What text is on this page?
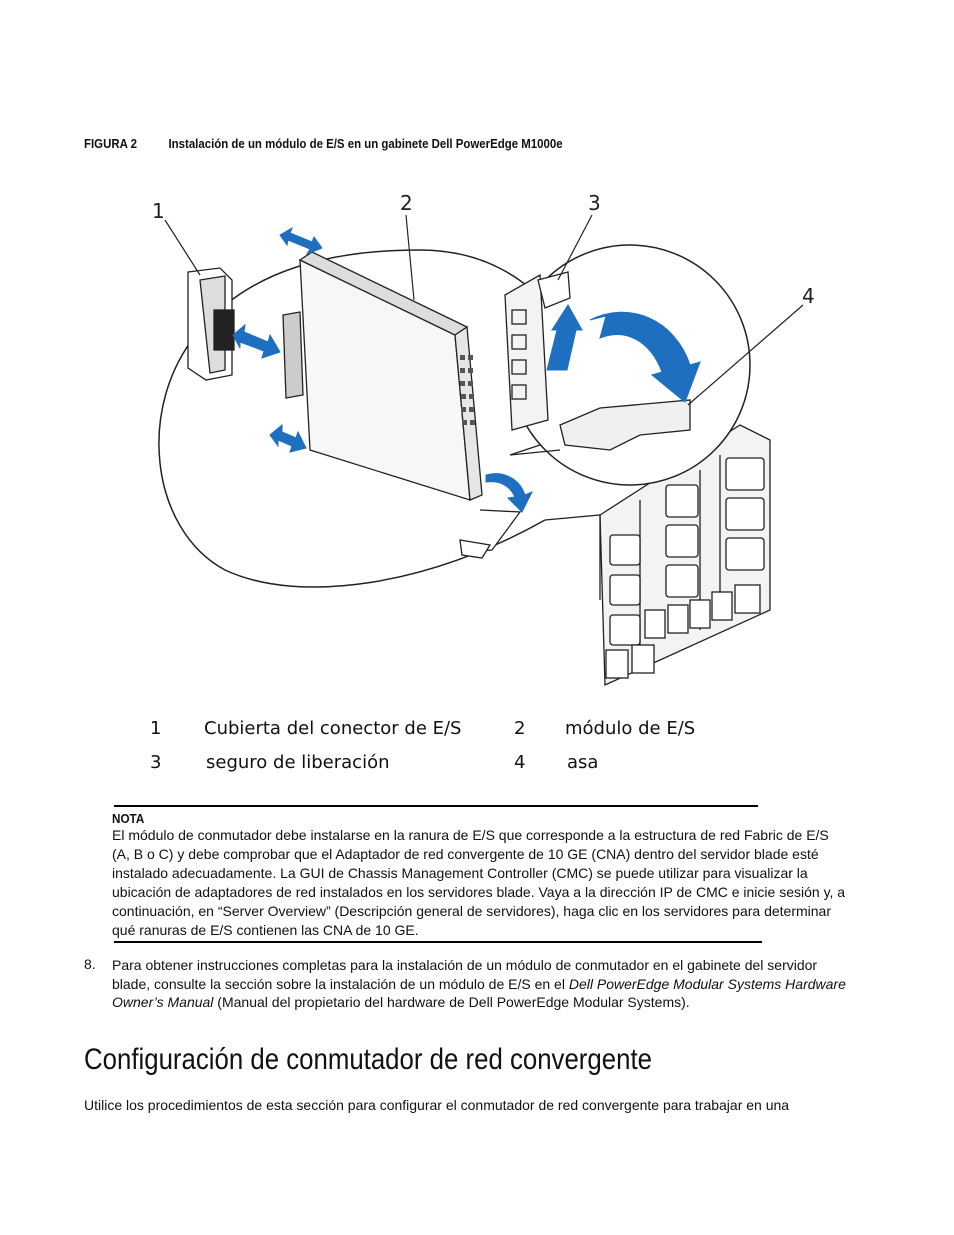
FIGURA 2 Instalación de un módulo de E/S en un gabinete Dell PowerEdge M1000e
1	2	3
4
1 Cubierta del conector de E/S	2 módulo de E/S
3 seguro de liberación	4 asa
NOTA
El módulo de conmutador debe instalarse en la ranura de E/S que corresponde a la estructura de red Fabric de E/S (A, B o C) y debe comprobar que el Adaptador de red convergente de 10 GE (CNA) dentro del servidor blade esté instalado adecuadamente. La GUI de Chassis Management Controller (CMC) se puede utilizar para visualizar la ubicación de adaptadores de red instalados en los servidores blade. Vaya a la dirección IP de CMC e inicie sesión y, a continuación, en “Server Overview” (Descripción general de servidores), haga clic en los servidores para determinar qué ranuras de E/S contienen las CNA de 10 GE.
8. Para obtener instrucciones completas para la instalación de un módulo de conmutador en el gabinete del servidor blade, consulte la sección sobre la instalación de un módulo de E/S en el Dell PowerEdge Modular Systems Hardware Owner’s Manual (Manual del propietario del hardware de Dell PowerEdge Modular Systems).
Configuración de conmutador de red convergente
Utilice los procedimientos de esta sección para configurar el conmutador de red convergente para trabajar en una
